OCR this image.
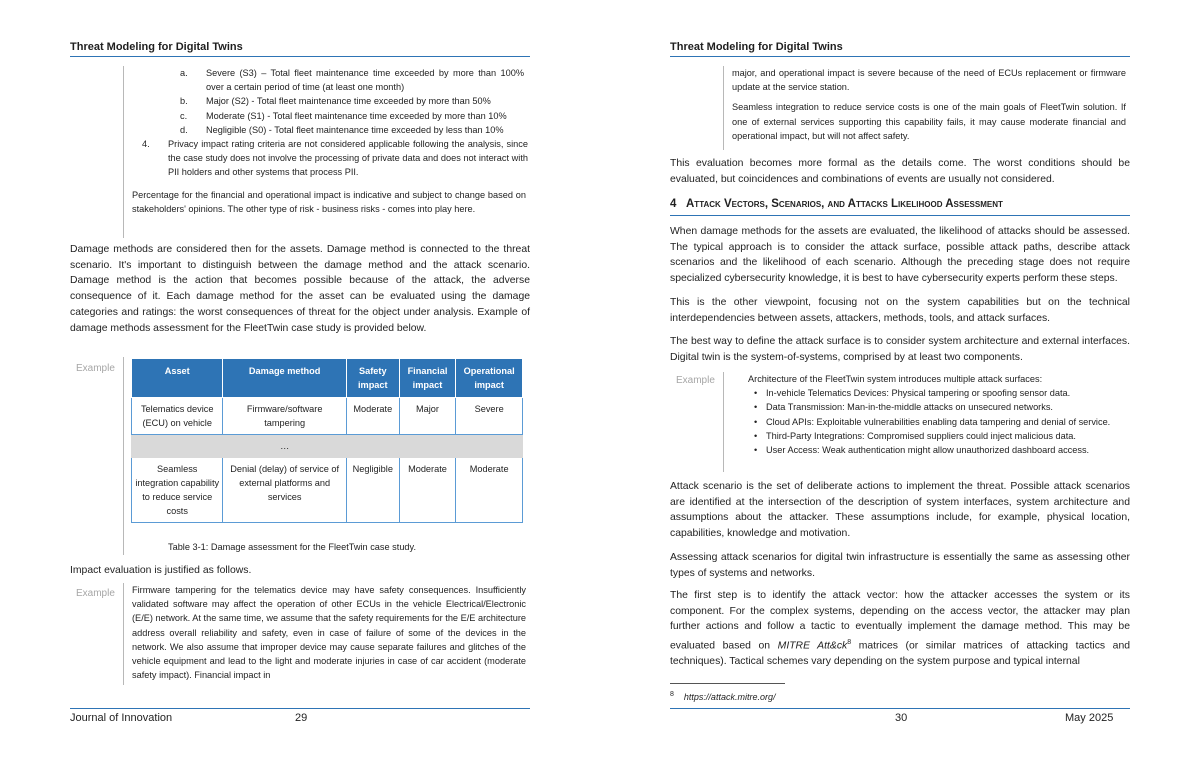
Threat Modeling for Digital Twins
a. Severe (S3) – Total fleet maintenance time exceeded by more than 100% over a certain period of time (at least one month)
b. Major (S2) - Total fleet maintenance time exceeded by more than 50%
c. Moderate (S1) - Total fleet maintenance time exceeded by more than 10%
d. Negligible (S0) - Total fleet maintenance time exceeded by less than 10%
4. Privacy impact rating criteria are not considered applicable following the analysis, since the case study does not involve the processing of private data and does not interact with PII holders and other systems that process PII.
Percentage for the financial and operational impact is indicative and subject to change based on stakeholders' opinions. The other type of risk - business risks - comes into play here.
Damage methods are considered then for the assets. Damage method is connected to the threat scenario. It's important to distinguish between the damage method and the attack scenario. Damage method is the action that becomes possible because of the attack, the adverse consequence of it. Each damage method for the asset can be evaluated using the damage categories and ratings: the worst consequences of threat for the object under analysis. Example of damage methods assessment for the FleetTwin case study is provided below.
Example	Asset	Damage method	Safety impact	Financial impact	Operational impact
Telematics device (ECU) on vehicle	Firmware/software tampering	Moderate	Major	Severe
	…			
Seamless integration capability to reduce service costs	Denial (delay) of service of external platforms and services	Negligible	Moderate	Moderate
Table 3-1: Damage assessment for the FleetTwin case study.
Impact evaluation is justified as follows.
Example Firmware tampering for the telematics device may have safety consequences. Insufficiently validated software may affect the operation of other ECUs in the vehicle Electrical/Electronic (E/E) network. At the same time, we assume that the safety requirements for the E/E architecture address overall reliability and safety, even in case of failure of some of the devices in the network. We also assume that improper device may cause separate failures and glitches of the vehicle equipment and lead to the light and moderate injuries in case of car accident (moderate safety impact). Financial impact in
Journal of Innovation	29
Threat Modeling for Digital Twins
major, and operational impact is severe because of the need of ECUs replacement or firmware update at the service station.
Seamless integration to reduce service costs is one of the main goals of FleetTwin solution. If one of external services supporting this capability fails, it may cause moderate financial and operational impact, but will not affect safety.
This evaluation becomes more formal as the details come. The worst conditions should be evaluated, but coincidences and combinations of events are usually not considered.
4 Attack Vectors, Scenarios, and Attacks Likelihood Assessment
When damage methods for the assets are evaluated, the likelihood of attacks should be assessed. The typical approach is to consider the attack surface, possible attack paths, describe attack scenarios and the likelihood of each scenario. Although the preceding stage does not require specialized cybersecurity knowledge, it is best to have cybersecurity experts perform these steps.
This is the other viewpoint, focusing not on the system capabilities but on the technical interdependencies between assets, attackers, methods, tools, and attack surfaces.
The best way to define the attack surface is to consider system architecture and external interfaces. Digital twin is the system-of-systems, comprised by at least two components.
Example	Architecture of the FleetTwin system introduces multiple attack surfaces:
• In-vehicle Telematics Devices: Physical tampering or spoofing sensor data.
• Data Transmission: Man-in-the-middle attacks on unsecured networks.
• Cloud APIs: Exploitable vulnerabilities enabling data tampering and denial of service.
• Third-Party Integrations: Compromised suppliers could inject malicious data.
• User Access: Weak authentication might allow unauthorized dashboard access.
Attack scenario is the set of deliberate actions to implement the threat. Possible attack scenarios are identified at the intersection of the description of system interfaces, system architecture and assumptions about the attacker. These assumptions include, for example, physical location, capabilities, knowledge and motivation.
Assessing attack scenarios for digital twin infrastructure is essentially the same as assessing other types of systems and networks.
The first step is to identify the attack vector: how the attacker accesses the system or its component. For the complex systems, depending on the access vector, the attacker may plan further actions and follow a tactic to eventually implement the damage method. This may be evaluated based on MITRE $Att\&ck^8$ matrices (or similar matrices of attacking tactics and techniques). Tactical schemes vary depending on the system purpose and typical internal
$^8$ https://attack.mitre.org/
30	May 2025
